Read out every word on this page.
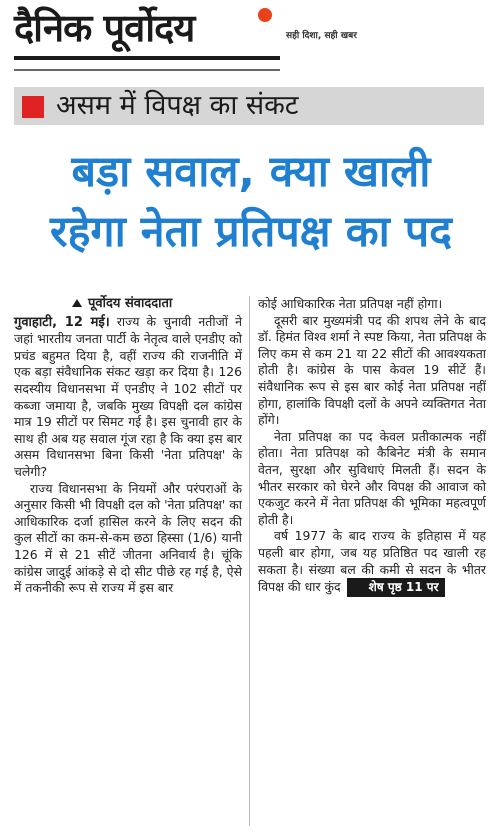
दैनिक पूर्वोदय	सही दिशा, सही खबर
असम में विपक्ष का संकट
बड़ा सवाल, क्या खाली
रहेगा नेता प्रतिपक्ष का पद
पूर्वोदय संवाददाता

गुवाहाटी, 12 मई। राज्य के चुनावी नतीजों ने जहां भारतीय जनता पार्टी के नेतृत्व वाले एनडीए को प्रचंड बहुमत दिया है, वहीं राज्य की राजनीति में एक बड़ा संवैधानिक संकट खड़ा कर दिया है। 126 सदस्यीय विधानसभा में एनडीए ने 102 सीटों पर कब्जा जमाया है, जबकि मुख्य विपक्षी दल कांग्रेस मात्र 19 सीटों पर सिमट गई है। इस चुनावी हार के साथ ही अब यह सवाल गूंज रहा है कि क्या इस बार असम विधानसभा बिना किसी 'नेता प्रतिपक्ष' के चलेगी?

राज्य विधानसभा के नियमों और परंपराओं के अनुसार किसी भी विपक्षी दल को 'नेता प्रतिपक्ष' का आधिकारिक दर्जा हासिल करने के लिए सदन की कुल सीटों का कम-से-कम छठा हिस्सा (1/6) यानी 126 में से 21 सीटें जीतना अनिवार्य है। चूंकि कांग्रेस जादुई आंकड़े से दो सीट पीछे रह गई है, ऐसे में तकनीकी रूप से राज्य में इस बार

कोई आधिकारिक नेता प्रतिपक्ष नहीं होगा।

दूसरी बार मुख्यमंत्री पद की शपथ लेने के बाद डॉ. हिमंत विश्व शर्मा ने स्पष्ट किया, नेता प्रतिपक्ष के लिए कम से कम 21 या 22 सीटों की आवश्यकता होती है। कांग्रेस के पास केवल 19 सीटें हैं। संवैधानिक रूप से इस बार कोई नेता प्रतिपक्ष नहीं होगा, हालांकि विपक्षी दलों के अपने व्यक्तिगत नेता होंगे।

नेता प्रतिपक्ष का पद केवल प्रतीकात्मक नहीं होता। नेता प्रतिपक्ष को कैबिनेट मंत्री के समान वेतन, सुरक्षा और सुविधाएं मिलती हैं। सदन के भीतर सरकार को घेरने और विपक्ष की आवाज को एकजुट करने में नेता प्रतिपक्ष की भूमिका महत्वपूर्ण होती है।

वर्ष 1977 के बाद राज्य के इतिहास में यह पहली बार होगा, जब यह प्रतिष्ठित पद खाली रह सकता है। संख्या बल की कमी से सदन के भीतर विपक्ष की धार कुंद शेष पृष्ठ 11 पर
